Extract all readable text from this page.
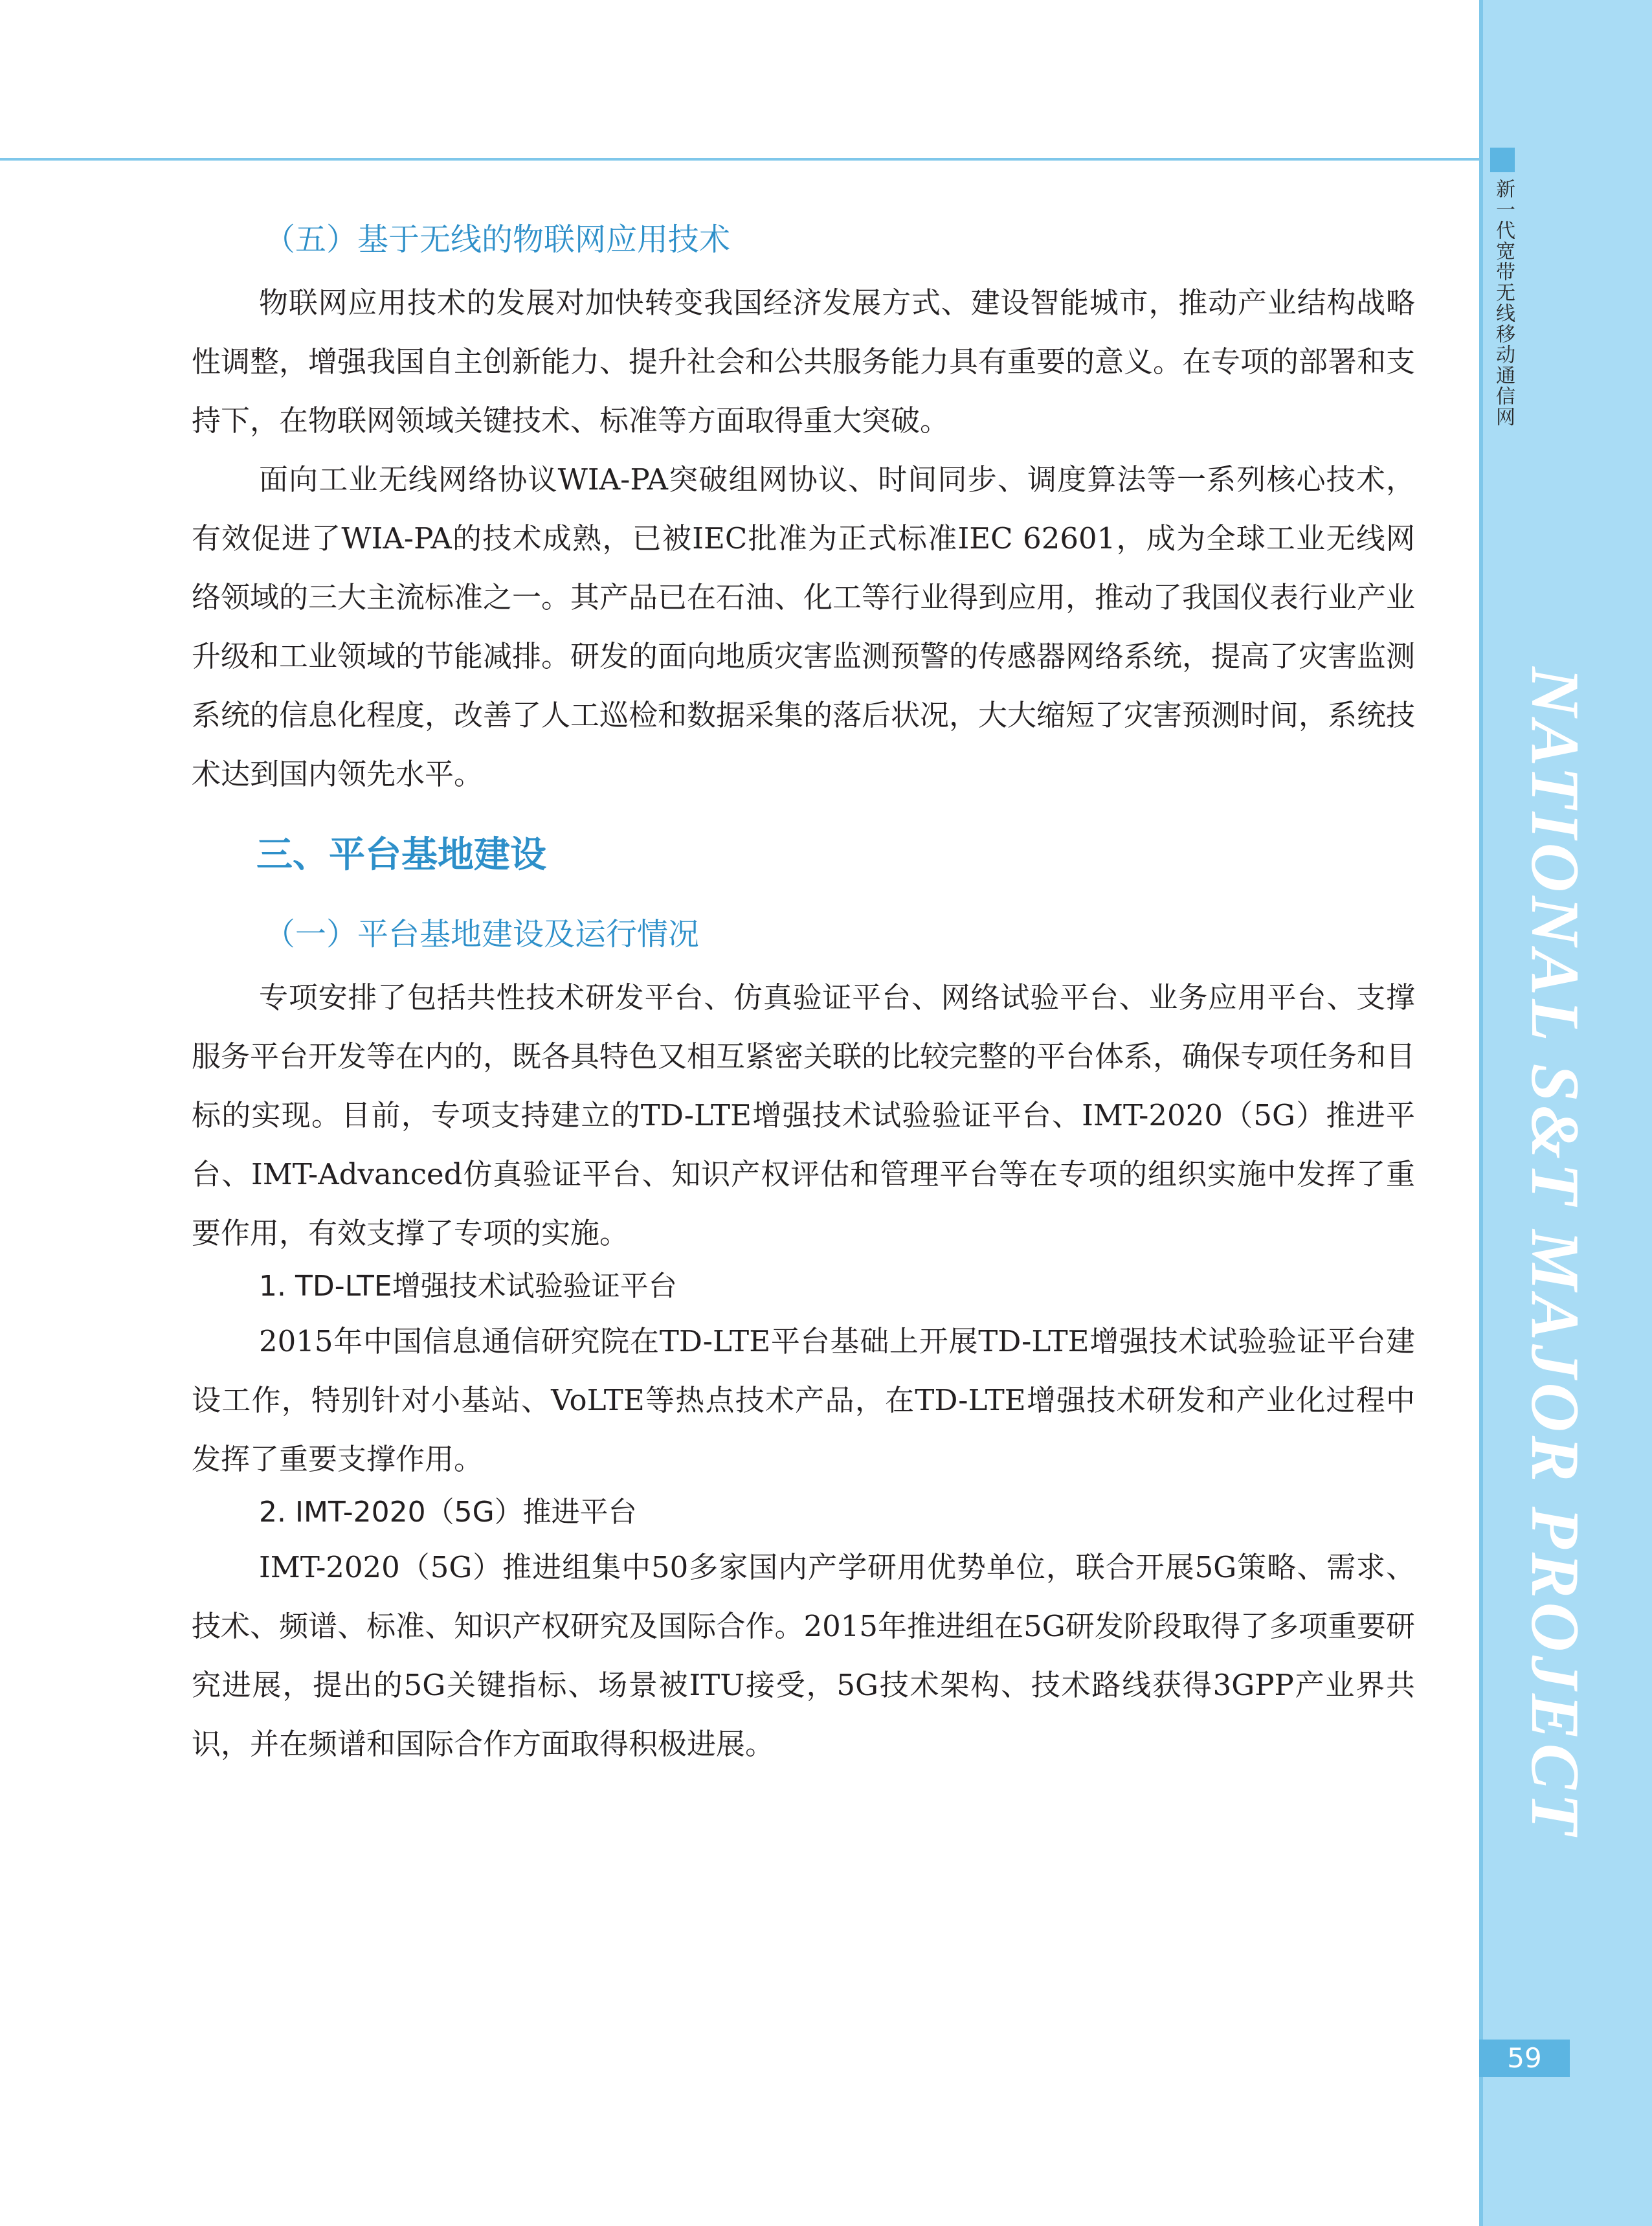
新一代宽带无线移动通信网
NATIONAL S&T MAJOR PROJECT
59
（五）基于无线的物联网应用技术

物联网应用技术的发展对加快转变我国经济发展方式、建设智能城市，推动产业结构战略性调整，增强我国自主创新能力、提升社会和公共服务能力具有重要的意义。在专项的部署和支持下，在物联网领域关键技术、标准等方面取得重大突破。

面向工业无线网络协议WIA-PA突破组网协议、时间同步、调度算法等一系列核心技术，有效促进了WIA-PA的技术成熟，已被IEC批准为正式标准IEC 62601，成为全球工业无线网络领域的三大主流标准之一。其产品已在石油、化工等行业得到应用，推动了我国仪表行业产业升级和工业领域的节能减排。研发的面向地质灾害监测预警的传感器网络系统，提高了灾害监测系统的信息化程度，改善了人工巡检和数据采集的落后状况，大大缩短了灾害预测时间，系统技术达到国内领先水平。

三、平台基地建设
（一）平台基地建设及运行情况

专项安排了包括共性技术研发平台、仿真验证平台、网络试验平台、业务应用平台、支撑服务平台开发等在内的，既各具特色又相互紧密关联的比较完整的平台体系，确保专项任务和目标的实现。目前，专项支持建立的TD-LTE增强技术试验验证平台、IMT-2020（5G）推进平台、IMT-Advanced仿真验证平台、知识产权评估和管理平台等在专项的组织实施中发挥了重要作用，有效支撑了专项的实施。

1. TD-LTE增强技术试验验证平台

2015年中国信息通信研究院在TD-LTE平台基础上开展TD-LTE增强技术试验验证平台建设工作，特别针对小基站、VoLTE等热点技术产品，在TD-LTE增强技术研发和产业化过程中发挥了重要支撑作用。

2. IMT-2020（5G）推进平台

IMT-2020（5G）推进组集中50多家国内产学研用优势单位，联合开展5G策略、需求、技术、频谱、标准、知识产权研究及国际合作。2015年推进组在5G研发阶段取得了多项重要研究进展，提出的5G关键指标、场景被ITU接受，5G技术架构、技术路线获得3GPP产业界共识，并在频谱和国际合作方面取得积极进展。
